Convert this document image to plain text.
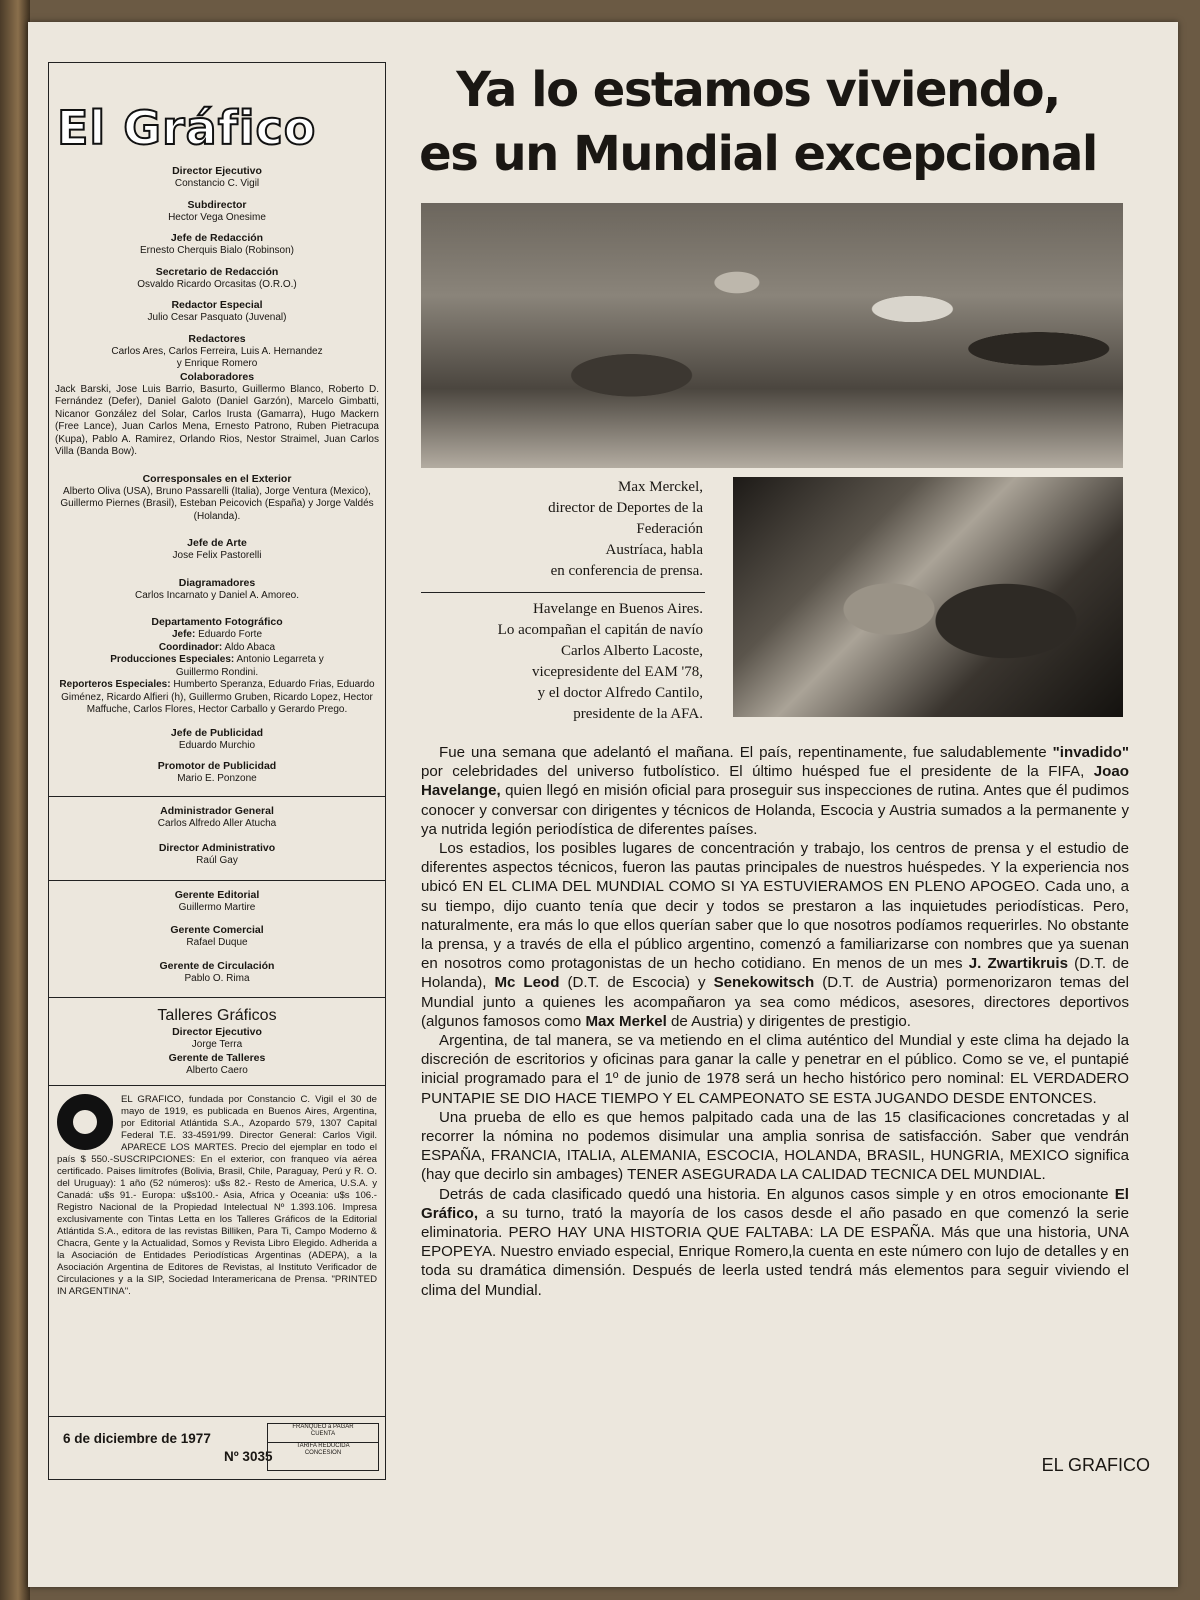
El Gráfico
Director Ejecutivo
Constancio C. Vigil
Subdirector
Hector Vega Onesime
Jefe de Redacción
Ernesto Cherquis Bialo (Robinson)
Secretario de Redacción
Osvaldo Ricardo Orcasitas (O.R.O.)
Redactor Especial
Julio Cesar Pasquato (Juvenal)
Redactores
Carlos Ares, Carlos Ferreira, Luis A. Hernandez
y Enrique Romero
Colaboradores
Jack Barski, Jose Luis Barrio, Basurto, Guillermo Blanco, Roberto D. Fernández (Defer), Daniel Galoto (Daniel Garzón), Marcelo Gimbatti, Nicanor González del Solar, Carlos Irusta (Gamarra), Hugo Mackern (Free Lance), Juan Carlos Mena, Ernesto Patrono, Ruben Pietracupa (Kupa), Pablo A. Ramirez, Orlando Rios, Nestor Straimel, Juan Carlos Villa (Banda Bow).
Corresponsales en el Exterior
Alberto Oliva (USA), Bruno Passarelli (Italia), Jorge Ventura (Mexico), Guillermo Piernes (Brasil), Esteban Peicovich (España) y Jorge Valdés (Holanda).
Jefe de Arte
Jose Felix Pastorelli
Diagramadores
Carlos Incarnato y Daniel A. Amoreo.
Departamento Fotográfico
Jefe: Eduardo Forte
Coordinador: Aldo Abaca
Producciones Especiales: Antonio Legarreta y
Guillermo Rondini.
Reporteros Especiales: Humberto Speranza, Eduardo Frias, Eduardo Giménez, Ricardo Alfieri (h), Guillermo Gruben, Ricardo Lopez, Hector Maffuche, Carlos Flores, Hector Carballo y Gerardo Prego.
Jefe de Publicidad
Eduardo Murchio
Promotor de Publicidad
Mario E. Ponzone
Administrador General
Carlos Alfredo Aller Atucha
Director Administrativo
Raúl Gay
Gerente Editorial
Guillermo Martire
Gerente Comercial
Rafael Duque
Gerente de Circulación
Pablo O. Rima
Talleres Gráficos
Director Ejecutivo
Jorge Terra
Gerente de Talleres
Alberto Caero
EL GRAFICO, fundada por Constancio C. Vigil el 30 de mayo de 1919, es publicada en Buenos Aires, Argentina, por Editorial Atlántida S.A., Azopardo 579, 1307 Capital Federal T.E. 33-4591/99. Director General: Carlos Vigil. APARECE LOS MARTES. Precio del ejemplar en todo el país $ 550.-SUSCRIPCIONES: En el exterior, con franqueo vía aérea certificado. Paises limítrofes (Bolivia, Brasil, Chile, Paraguay, Perú y R. O. del Uruguay): 1 año (52 números): u$s 82.- Resto de America, U.S.A. y Canadá: u$s 91.- Europa: u$s100.- Asia, Africa y Oceania: u$s 106.- Registro Nacional de la Propiedad Intelectual Nº 1.393.106. Impresa exclusivamente con Tintas Letta en los Talleres Gráficos de la Editorial Atlántida S.A., editora de las revistas Billiken, Para Ti, Campo Moderno & Chacra, Gente y la Actualidad, Somos y Revista Libro Elegido. Adherida a la Asociación de Entidades Periodísticas Argentinas (ADEPA), a la Asociación Argentina de Editores de Revistas, al Instituto Verificador de Circulaciones y a la SIP, Sociedad Interamericana de Prensa. "PRINTED IN ARGENTINA".
6 de diciembre de 1977
Nº 3035
FRANQUEO a PAGAR
CUENTA
TARIFA REDUCIDA
CONCESION
Ya lo estamos viviendo,
es un Mundial excepcional
Max Merckel,
director de Deportes de la
Federación
Austríaca, habla
en conferencia de prensa.
Havelange en Buenos Aires.
Lo acompañan el capitán de navío
Carlos Alberto Lacoste,
vicepresidente del EAM '78,
y el doctor Alfredo Cantilo,
presidente de la AFA.

Fue una semana que adelantó el mañana. El país, repentinamente, fue saludablemente "invadido" por celebridades del universo futbolístico. El último huésped fue el presidente de la FIFA, Joao Havelange, quien llegó en misión oficial para proseguir sus inspecciones de rutina. Antes que él pudimos conocer y conversar con dirigentes y técnicos de Holanda, Escocia y Austria sumados a la permanente y ya nutrida legión periodística de diferentes países.

Los estadios, los posibles lugares de concentración y trabajo, los centros de prensa y el estudio de diferentes aspectos técnicos, fueron las pautas principales de nuestros huéspedes. Y la experiencia nos ubicó EN EL CLIMA DEL MUNDIAL COMO SI YA ESTUVIERAMOS EN PLENO APOGEO. Cada uno, a su tiempo, dijo cuanto tenía que decir y todos se prestaron a las inquietudes periodísticas. Pero, naturalmente, era más lo que ellos querían saber que lo que nosotros podíamos requerirles. No obstante la prensa, y a través de ella el público argentino, comenzó a familiarizarse con nombres que ya suenan en nosotros como protagonistas de un hecho cotidiano. En menos de un mes J. Zwartikruis (D.T. de Holanda), Mc Leod (D.T. de Escocia) y Senekowitsch (D.T. de Austria) pormenorizaron temas del Mundial junto a quienes les acompañaron ya sea como médicos, asesores, directores deportivos (algunos famosos como Max Merkel de Austria) y dirigentes de prestigio.

Argentina, de tal manera, se va metiendo en el clima auténtico del Mundial y este clima ha dejado la discreción de escritorios y oficinas para ganar la calle y penetrar en el público. Como se ve, el puntapié inicial programado para el 1º de junio de 1978 será un hecho histórico pero nominal: EL VERDADERO PUNTAPIE SE DIO HACE TIEMPO Y EL CAMPEONATO SE ESTA JUGANDO DESDE ENTONCES.

Una prueba de ello es que hemos palpitado cada una de las 15 clasificaciones concretadas y al recorrer la nómina no podemos disimular una amplia sonrisa de satisfacción. Saber que vendrán ESPAÑA, FRANCIA, ITALIA, ALEMANIA, ESCOCIA, HOLANDA, BRASIL, HUNGRIA, MEXICO significa (hay que decirlo sin ambages) TENER ASEGURADA LA CALIDAD TECNICA DEL MUNDIAL.

Detrás de cada clasificado quedó una historia. En algunos casos simple y en otros emocionante El Gráfico, a su turno, trató la mayoría de los casos desde el año pasado en que comenzó la serie eliminatoria. PERO HAY UNA HISTORIA QUE FALTABA: LA DE ESPAÑA. Más que una historia, UNA EPOPEYA. Nuestro enviado especial, Enrique Romero,la cuenta en este número con lujo de detalles y en toda su dramática dimensión. Después de leerla usted tendrá más elementos para seguir viviendo el clima del Mundial.

EL GRAFICO
